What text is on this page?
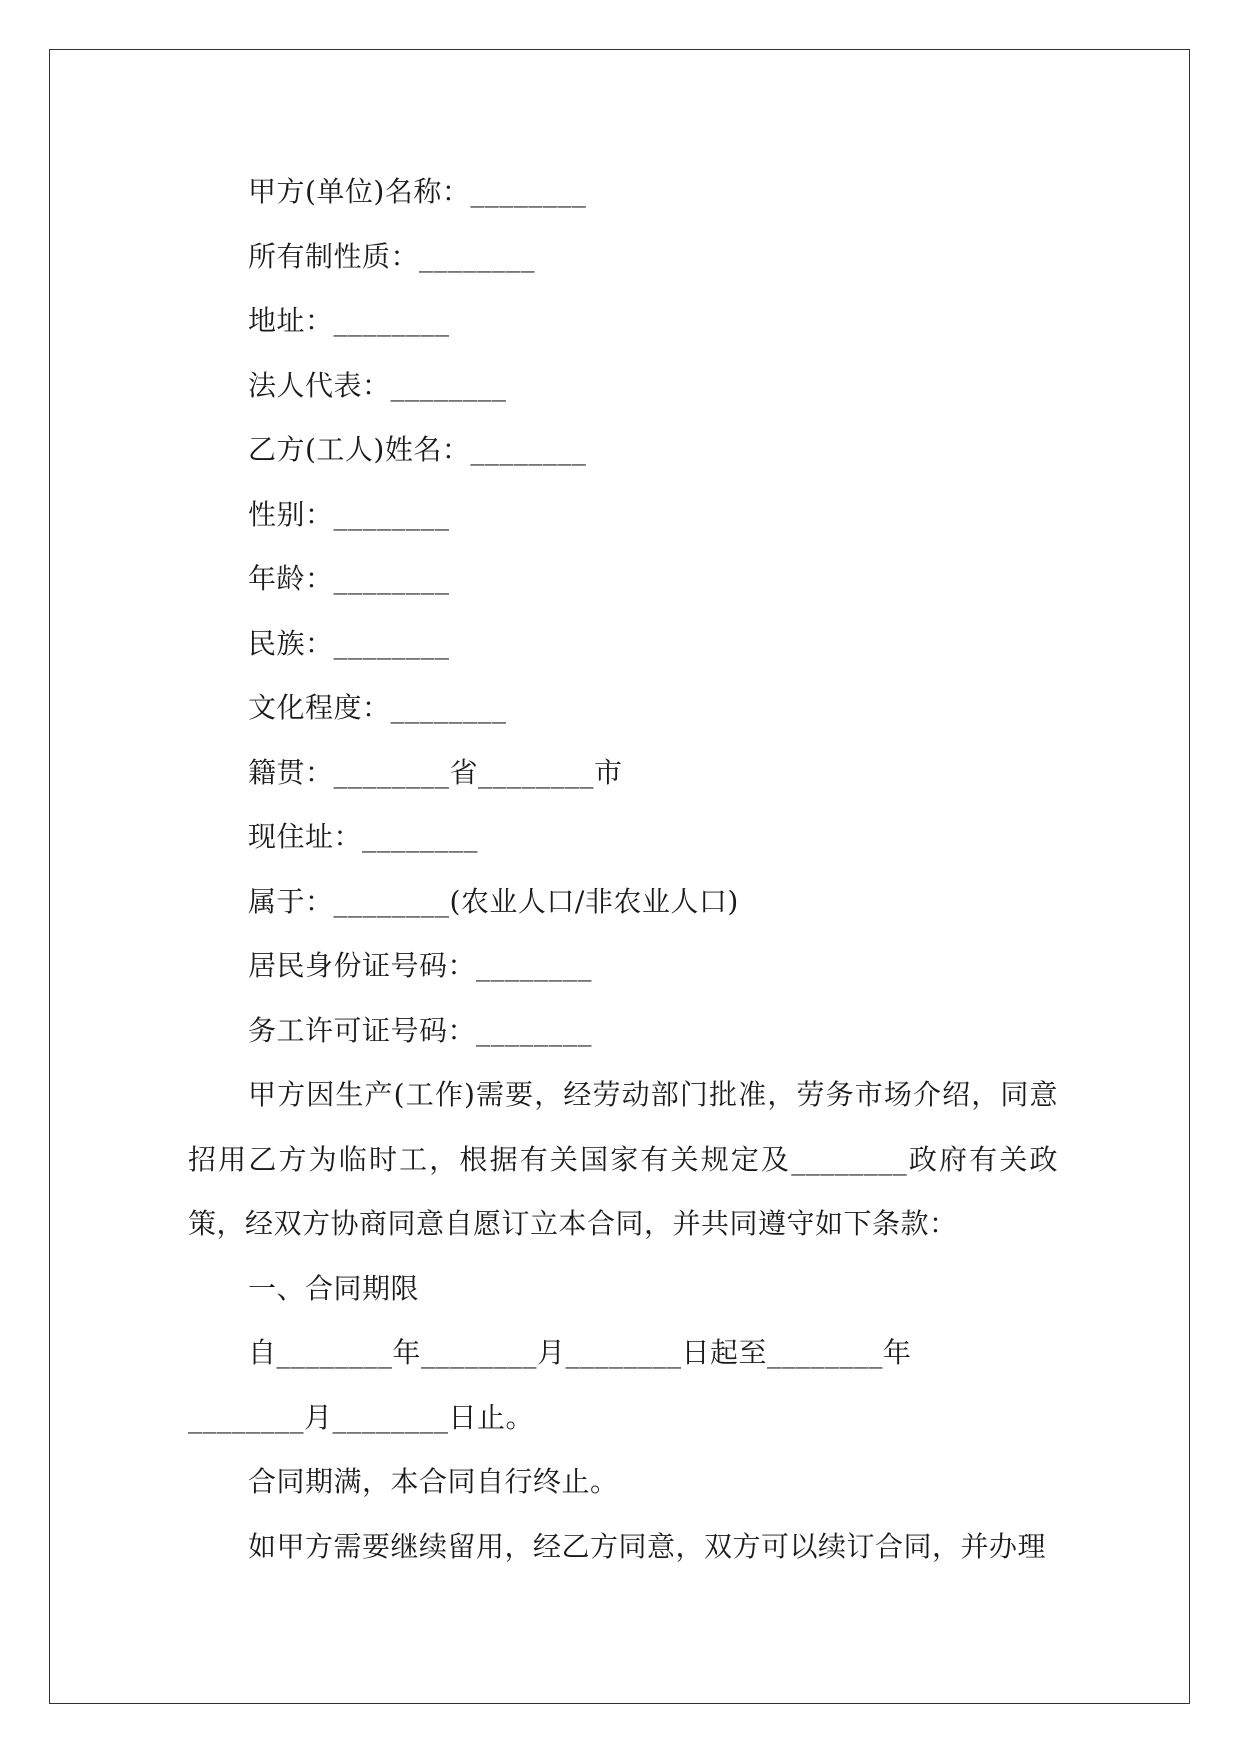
甲方(单位)名称：________
所有制性质：________
地址：________
法人代表：________
乙方(工人)姓名：________
性别：________
年龄：________
民族：________
文化程度：________
籍贯：________省________市
现住址：________
属于：________(农业人口/非农业人口)
居民身份证号码：________
务工许可证号码：________
甲方因生产(工作)需要，经劳动部门批准，劳务市场介绍，同意
招用乙方为临时工，根据有关国家有关规定及________政府有关政
策，经双方协商同意自愿订立本合同，并共同遵守如下条款：
一、合同期限
自________年________月________日起至________年
________月________日止。
合同期满，本合同自行终止。
如甲方需要继续留用，经乙方同意，双方可以续订合同，并办理
